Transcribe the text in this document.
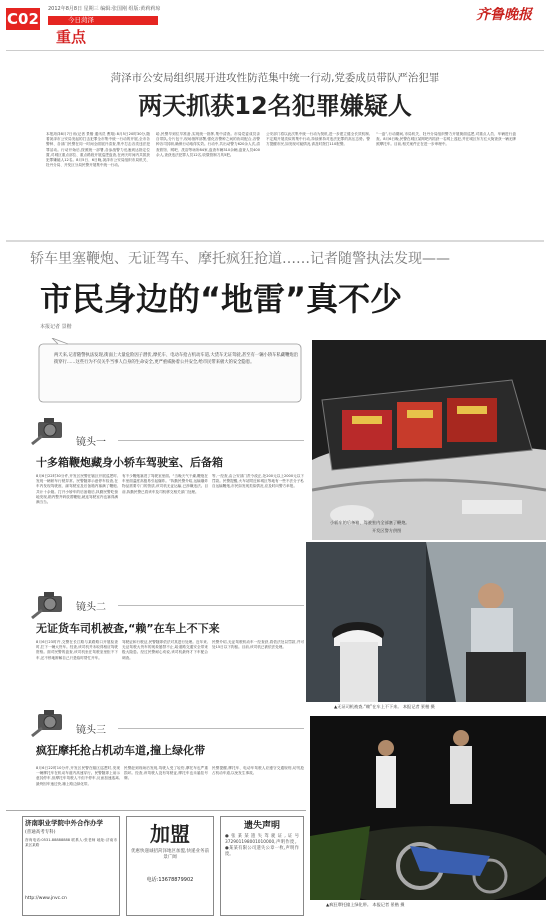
C02
2012年8月8日 星期三 编辑:张国刚 组版:黄莉莉琼
今日菏泽
重点
齐鲁晚报
菏泽市公安局组织展开进攻性防范集中统一行动,党委成员带队严治犯罪
两天抓获12名犯罪嫌疑人
本报菏泽8月7日讯(记者 景楷 通讯员 曹翔) 8月5日20时30分,随着菏泽市公安局发起的打击犯罪全市集中统一行动的开展,全市各警种、各部门民警在同一时间全面展开清查,集中打击各类违法犯罪活动。行动开始后,按照统一部署,各参战警力迅速到达指定位置,对城区重点部位、重点路段开展巡逻盘查,在两天时间内共抓获犯罪嫌疑人12名。8月5日、6日晚,菏泽市公安局组织市局机关、牡丹分局、开发区分局民警开展集中统一行动。
给,民警早到位早准备,实现统一指挥,集中清查。市局党委成员亲自带队,分片包干,现场指挥部署,强化各警种之间的协同配合,各警种各司其职,确保行动取得实效。行动中,共出动警力620余人次,清查旅馆、网吧、洗浴等场所84家,盘查车辆310余辆,盘查人员400余人,查获违法犯罪人员12名,收缴管制刀具5把。
公安部门将以此次集中统一行动为契机,进一步建立健全长效机制,不定期开展类似的集中行动,持续保持对违法犯罪的高压态势。警方提醒市民,如发现可疑情况,请及时拨打110报警。
“一盘”,行动期间,市局机关、牡丹分局组织警力开展街面巡逻,对重点人员、车辆进行盘查。8月6日晚,民警在城区某网吧内抓获一名网上逃犯,并在城区东方红大街查获一辆无牌照摩托车。目前,相关案件正在进一步审理中。
轿车里塞鞭炮、无证驾车、摩托疯狂抢道……记者随警执法发现——
市民身边的“地雷”真不少
本报记者 景楷
两天来,记者随警执法发现,街面上大量危险因子潜伏,摩托车、电动车抢占机动车道,大货车无证驾驶,甚至有一辆小轿车私藏鞭炮沿街穿行……这些行为不仅关乎当事人自身的生命安全,更严重威胁着公共安全,给市民带来极大的安全隐患。
小轿车的后备箱、驾驶室内全部塞了鞭炮。
开发区警方供图
镜头一
十多箱鞭炮藏身小轿车驾驶室、后备箱
8月6日22时30分许,开发区民警在辖区开展巡逻时,发现一辆轿车行驶异常。民警随即示意停车检查,在车内发现驾驶座、副驾驶室及后备箱内塞满了鞭炮,共计十余箱。打开小轿车的后备箱后,执勤民警吃惊地发现,箱内整齐码放着鞭炮,就连驾驶室内也塞得满满当当。
有不少鞭炮塞进了驾驶室里面。“当晚天气干燥,鞭炮在车里面温度高极易引起爆炸。”执勤民警介绍,运输爆炸物品需要专门的资质,该司机无证运输,已涉嫌违法。目前,执勤民警已将该车及司机移交相关部门处理。
等,一经查,由公安部门责令改正,处200元以上2000元以下罚款。民警提醒,火车站附近和城区等地有一些不法分子私自运输鞭炮,市民如发现类似情况,应及时向警方举报。
镜头二
无证货车司机被查,“赖”在车上不下来
8月6日23时许,交警在长江路与某路路口开展检查时,拦下一辆大货车。经查,该司机并未取得相应驾驶资格。面对民警的盘查,该司机坐在驾驶室里拒不下车,还不停地辩解自己只是临时帮忙开车。
驾驶证和行驶证,民警随即依法对其进行处理。近年来,无证驾驶大货车的现象屡禁不止,给道路交通安全带来极大隐患。经过民警耐心劝说,该司机最终才下车配合调查。
民警介绍,无证驾驶机动车一经查获,将依法处以罚款,并可处15日以下拘留。目前,该司机已被依法处理。
▲无证司机被查,“赖”在车上不下来。 本报记者 景楷 摄
镜头三
疯狂摩托抢占机动车道,撞上绿化带
8月6日22时10分许,开发区民警在辖区巡逻时,发现一辆摩托车在机动车道内高速穿行。民警随即上前示意其停车,但摩托车驾驶人不但不停车,反而加速逃离,最终因车速过快,撞上路边绿化带。
民警赶到现场后发现,驾驶人受了轻伤,摩托车也严重损坏。经查,该驾驶人没有驾驶证,摩托车也未悬挂号牌。
民警提醒,摩托车、电动车驾驶人应遵守交通规则,切勿抢占机动车道,以免发生事故。
▲疯狂摩托撞上绿化带。 本报记者 景楷 摄
济南职业学院中外合作办学
(普通高考专科)
咨询电话:0531-88888888 联系人:张老师 地址:济南市某区某路
http://www.jnvc.cn
加盟
优惠快递诚招菏泽地区加盟,快递业务前景广阔
电话:13678879902
遗失声明
●张某某遗失驾驶证,证号372901198001010000,声明作废。●某某有限公司遗失公章一枚,声明作废。
